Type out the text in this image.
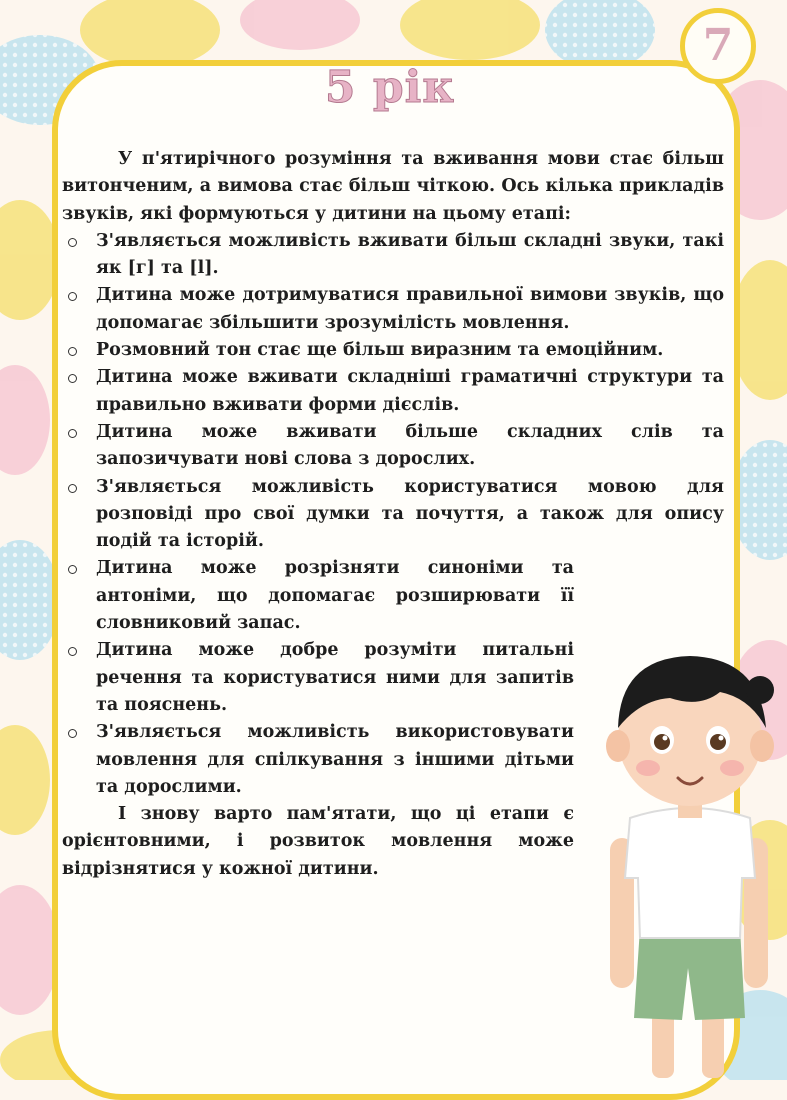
7
5 рік

У п'ятирічного розуміння та вживання мови стає більш витонченим, а вимова стає більш чіткою. Ось кілька прикладів звуків, які формуються у дитини на цьому етапі:

З'являється можливість вживати більш складні звуки, такі як [г] та [l].
Дитина може дотримуватися правильної вимови звуків, що допомагає збільшити зрозумілість мовлення.
Розмовний тон стає ще більш виразним та емоційним.
Дитина може вживати складніші граматичні структури та правильно вживати форми дієслів.
Дитина може вживати більше складних слів та запозичувати нові слова з дорослих.
З'являється можливість користуватися мовою для розповіді про свої думки та почуття, а також для опису подій та історій.
Дитина може розрізняти синоніми та антоніми, що допомагає розширювати її словниковий запас.
Дитина може добре розуміти питальні речення та користуватися ними для запитів та пояснень.
З'являється можливість використовувати мовлення для спілкування з іншими дітьми та дорослими.

І знову варто пам'ятати, що ці етапи є орієнтовними, і розвиток мовлення може відрізнятися у кожної дитини.
